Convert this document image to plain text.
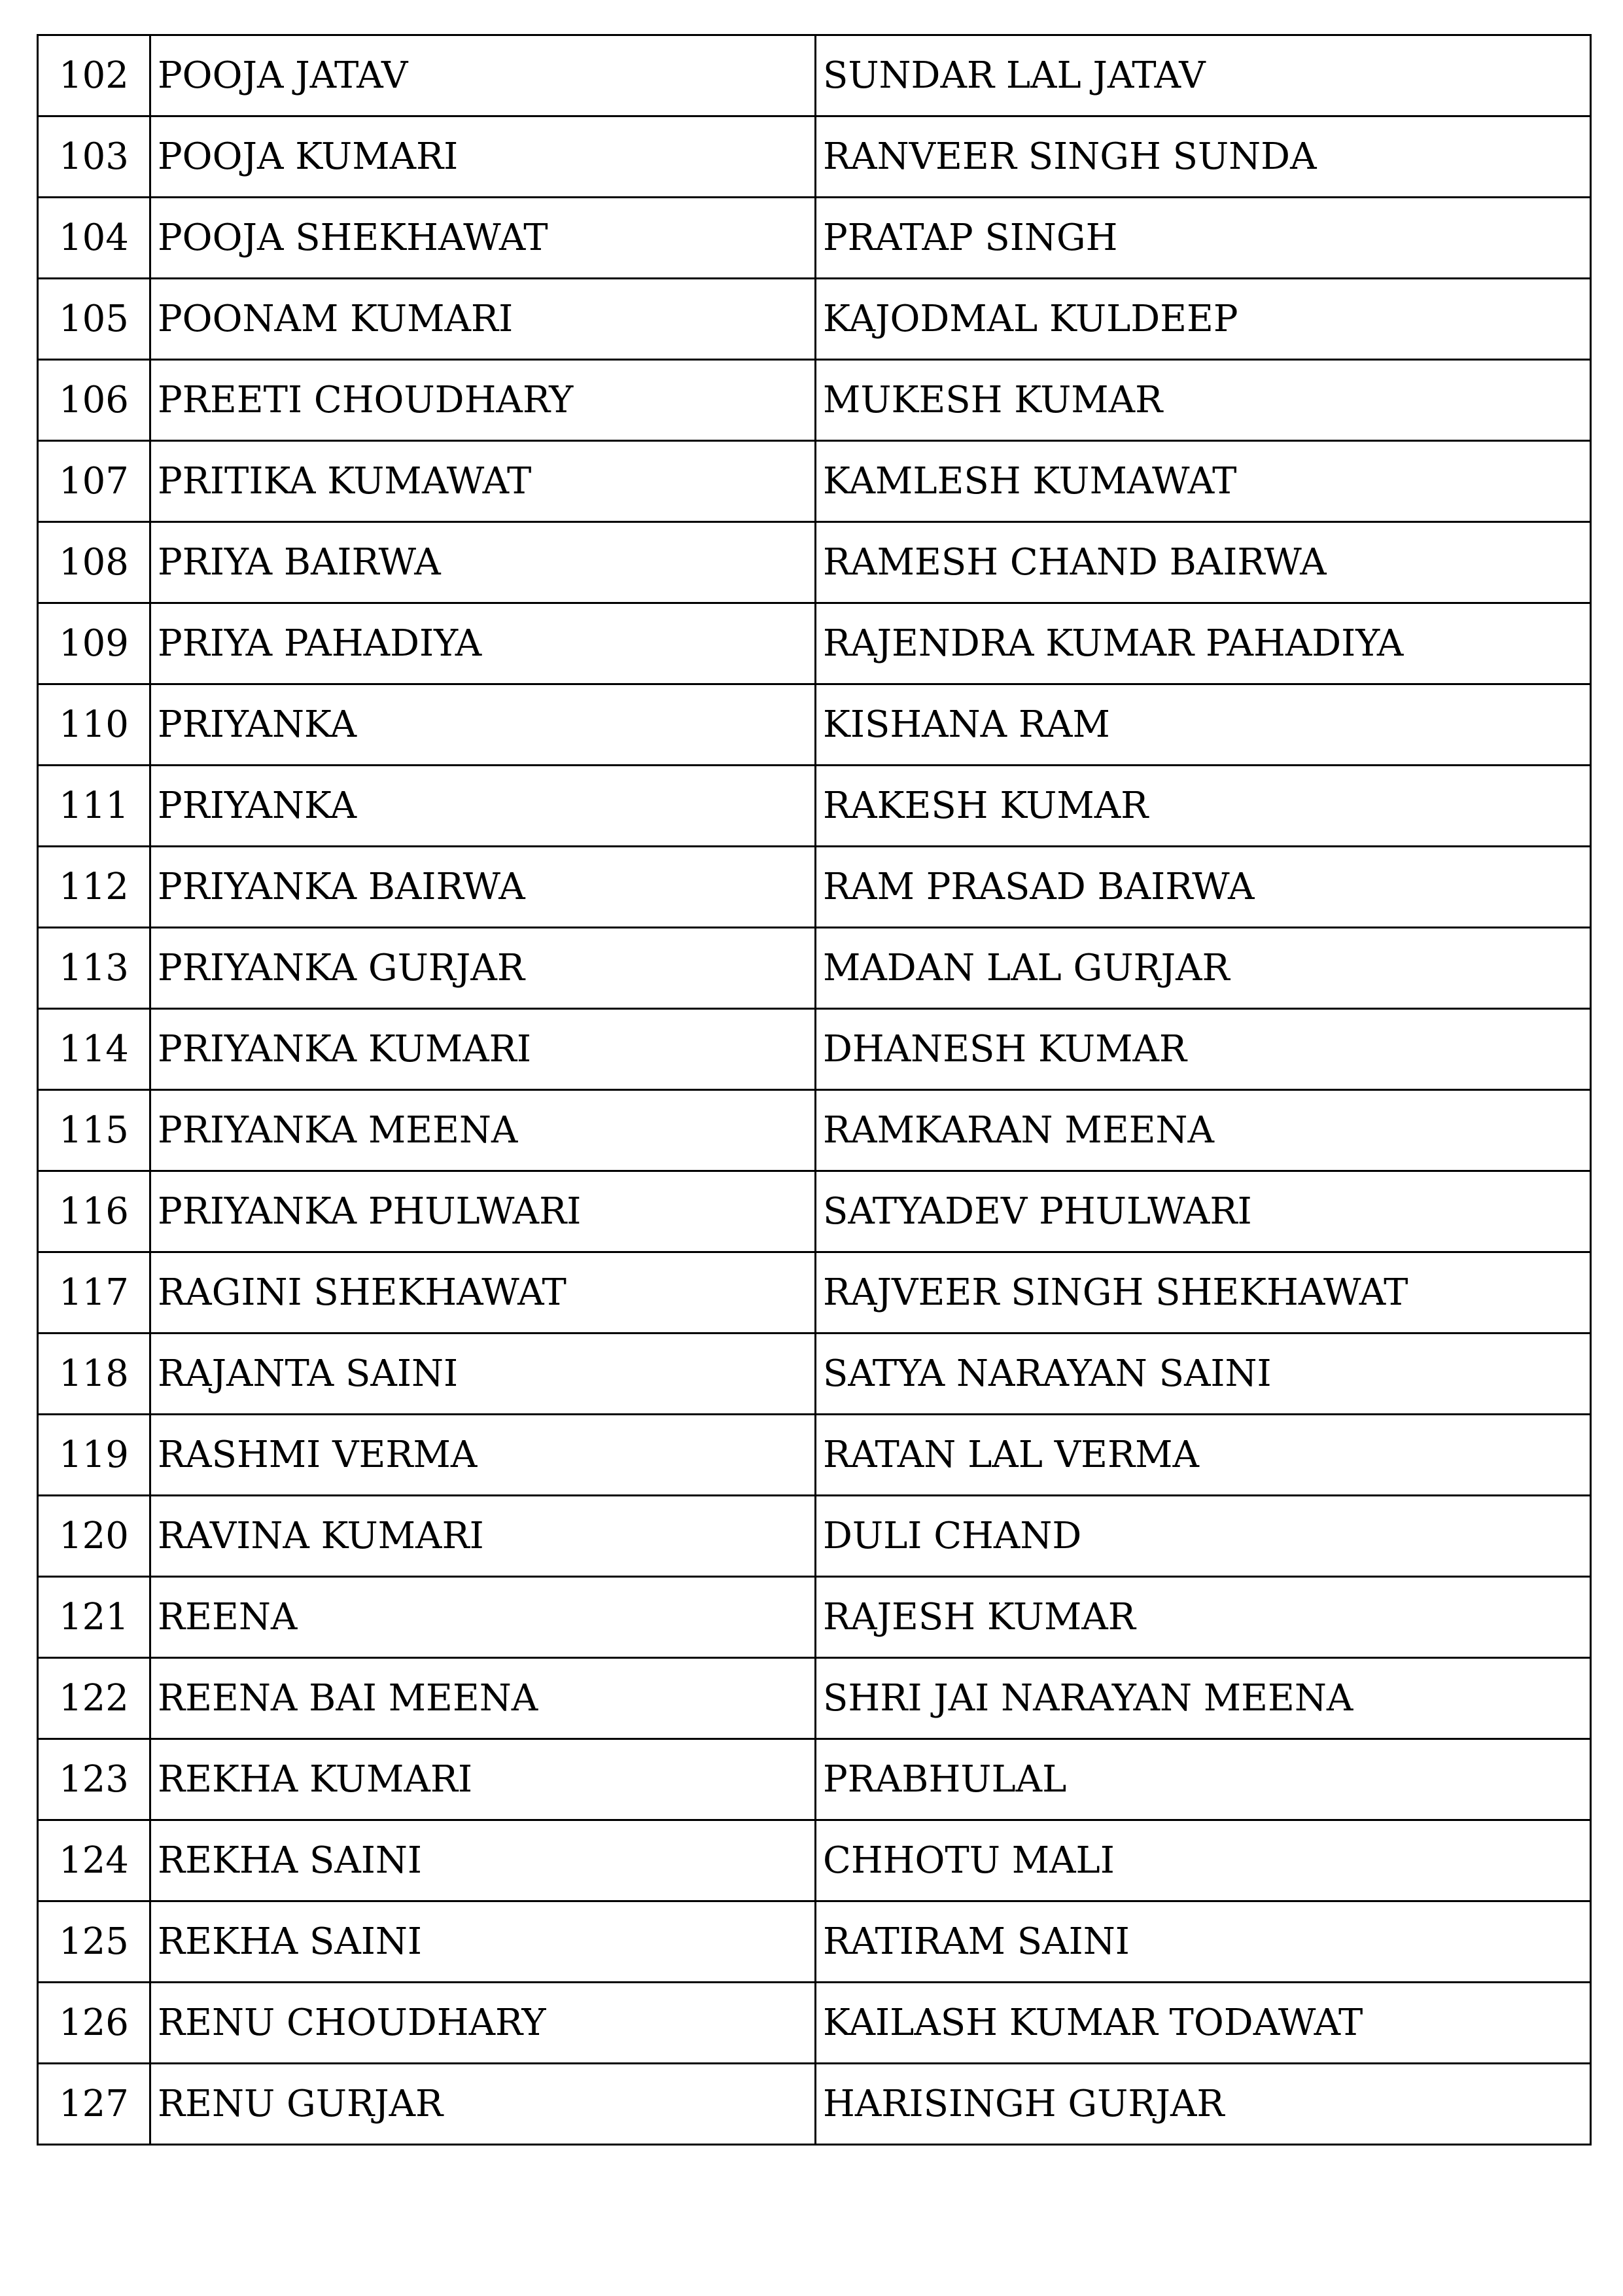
102	POOJA JATAV	SUNDAR LAL JATAV
103	POOJA KUMARI	RANVEER SINGH SUNDA
104	POOJA SHEKHAWAT	PRATAP SINGH
105	POONAM KUMARI	KAJODMAL KULDEEP
106	PREETI CHOUDHARY	MUKESH KUMAR
107	PRITIKA KUMAWAT	KAMLESH KUMAWAT
108	PRIYA BAIRWA	RAMESH CHAND BAIRWA
109	PRIYA PAHADIYA	RAJENDRA KUMAR PAHADIYA
110	PRIYANKA	KISHANA RAM
111	PRIYANKA	RAKESH KUMAR
112	PRIYANKA BAIRWA	RAM PRASAD BAIRWA
113	PRIYANKA GURJAR	MADAN LAL GURJAR
114	PRIYANKA KUMARI	DHANESH KUMAR
115	PRIYANKA MEENA	RAMKARAN MEENA
116	PRIYANKA PHULWARI	SATYADEV PHULWARI
117	RAGINI SHEKHAWAT	RAJVEER SINGH SHEKHAWAT
118	RAJANTA SAINI	SATYA NARAYAN SAINI
119	RASHMI VERMA	RATAN LAL VERMA
120	RAVINA KUMARI	DULI CHAND
121	REENA	RAJESH KUMAR
122	REENA BAI MEENA	SHRI JAI NARAYAN MEENA
123	REKHA KUMARI	PRABHULAL
124	REKHA SAINI	CHHOTU MALI
125	REKHA SAINI	RATIRAM SAINI
126	RENU CHOUDHARY	KAILASH KUMAR TODAWAT
127	RENU GURJAR	HARISINGH GURJAR
